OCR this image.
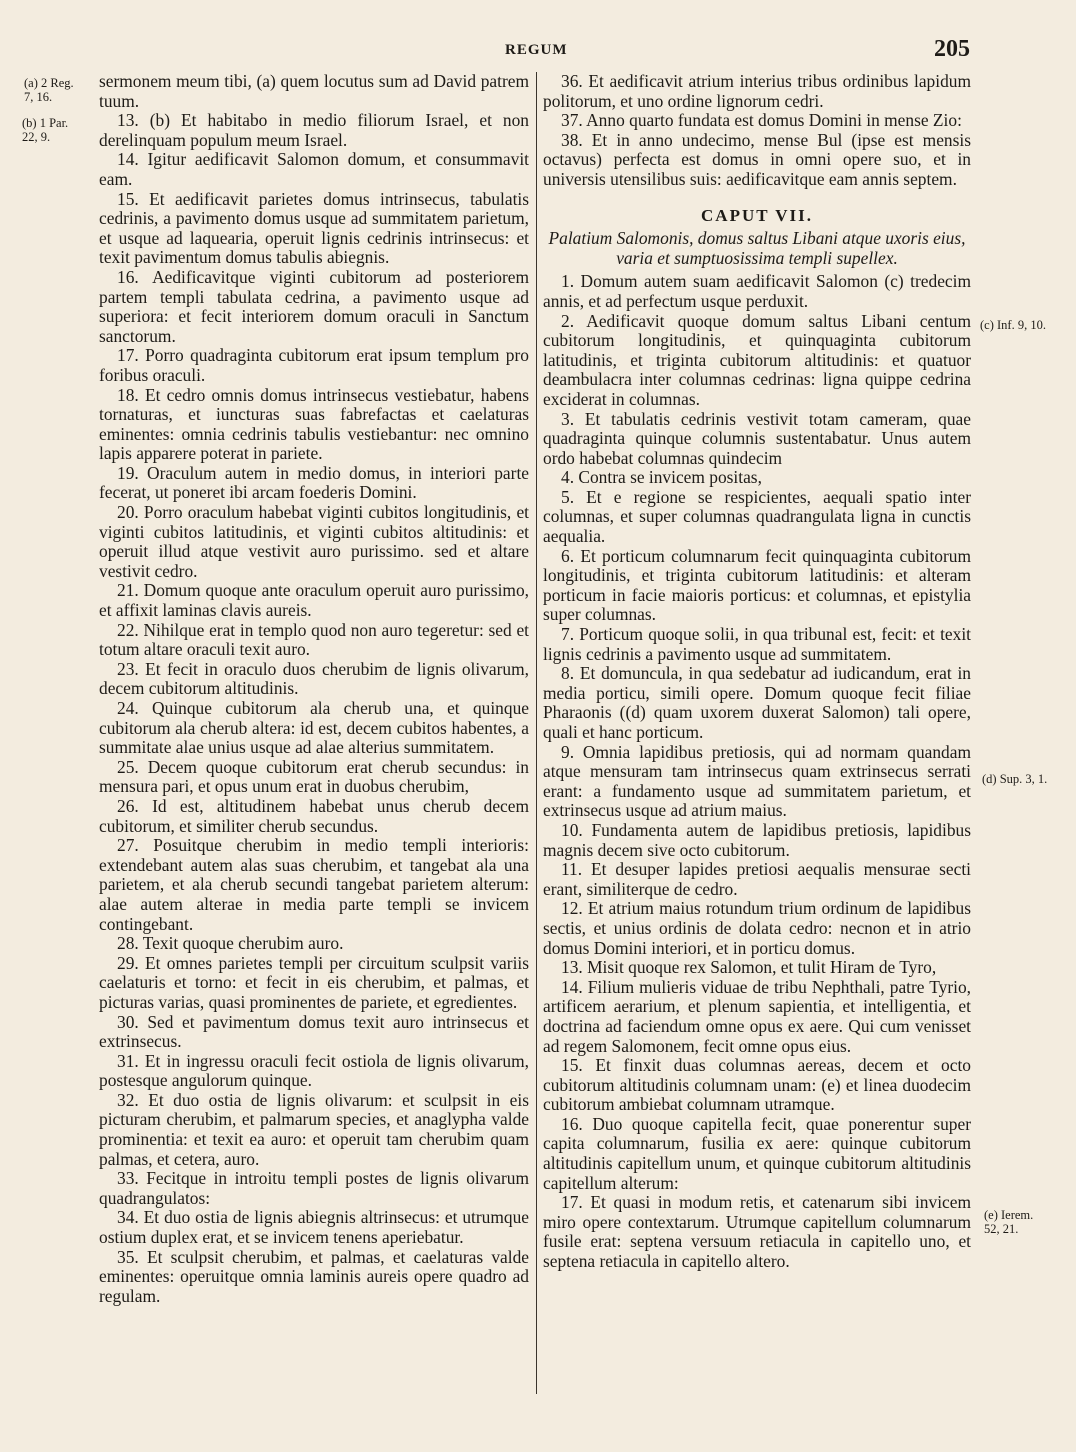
REGUM	205
(a) 2 Reg.
7, 16.
(b) 1 Par.
22, 9.
(c) Inf. 9, 10.
(d) Sup. 3, 1.
(e) Ierem.
52, 21.

sermonem meum tibi, (a) quem locutus sum ad David patrem tuum.

13. (b) Et habitabo in medio filiorum Israel, et non derelinquam populum meum Israel.

14. Igitur aedificavit Salomon domum, et consummavit eam.

15. Et aedificavit parietes domus intrinsecus, tabulatis cedrinis, a pavimento domus usque ad summitatem parietum, et usque ad laquearia, operuit lignis cedrinis intrinsecus: et texit pavimentum domus tabulis abiegnis.

16. Aedificavitque viginti cubitorum ad posteriorem partem templi tabulata cedrina, a pavimento usque ad superiora: et fecit interiorem domum oraculi in Sanctum sanctorum.

17. Porro quadraginta cubitorum erat ipsum templum pro foribus oraculi.

18. Et cedro omnis domus intrinsecus vestiebatur, habens tornaturas, et iuncturas suas fabrefactas et caelaturas eminentes: omnia cedrinis tabulis vestiebantur: nec omnino lapis apparere poterat in pariete.

19. Oraculum autem in medio domus, in interiori parte fecerat, ut poneret ibi arcam foederis Domini.

20. Porro oraculum habebat viginti cubitos longitudinis, et viginti cubitos latitudinis, et viginti cubitos altitudinis: et operuit illud atque vestivit auro purissimo. sed et altare vestivit cedro.

21. Domum quoque ante oraculum operuit auro purissimo, et affixit laminas clavis aureis.

22. Nihilque erat in templo quod non auro tegeretur: sed et totum altare oraculi texit auro.

23. Et fecit in oraculo duos cherubim de lignis olivarum, decem cubitorum altitudinis.

24. Quinque cubitorum ala cherub una, et quinque cubitorum ala cherub altera: id est, decem cubitos habentes, a summitate alae unius usque ad alae alterius summitatem.

25. Decem quoque cubitorum erat cherub secundus: in mensura pari, et opus unum erat in duobus cherubim,

26. Id est, altitudinem habebat unus cherub decem cubitorum, et similiter cherub secundus.

27. Posuitque cherubim in medio templi interioris: extendebant autem alas suas cherubim, et tangebat ala una parietem, et ala cherub secundi tangebat parietem alterum: alae autem alterae in media parte templi se invicem contingebant.

28. Texit quoque cherubim auro.

29. Et omnes parietes templi per circuitum sculpsit variis caelaturis et torno: et fecit in eis cherubim, et palmas, et picturas varias, quasi prominentes de pariete, et egredientes.

30. Sed et pavimentum domus texit auro intrinsecus et extrinsecus.

31. Et in ingressu oraculi fecit ostiola de lignis olivarum, postesque angulorum quinque.

32. Et duo ostia de lignis olivarum: et sculpsit in eis picturam cherubim, et palmarum species, et anaglypha valde prominentia: et texit ea auro: et operuit tam cherubim quam palmas, et cetera, auro.

33. Fecitque in introitu templi postes de lignis olivarum quadrangulatos:

34. Et duo ostia de lignis abiegnis altrinsecus: et utrumque ostium duplex erat, et se invicem tenens aperiebatur.

35. Et sculpsit cherubim, et palmas, et caelaturas valde eminentes: operuitque omnia laminis aureis opere quadro ad regulam.

36. Et aedificavit atrium interius tribus ordinibus lapidum politorum, et uno ordine lignorum cedri.

37. Anno quarto fundata est domus Domini in mense Zio:

38. Et in anno undecimo, mense Bul (ipse est mensis octavus) perfecta est domus in omni opere suo, et in universis utensilibus suis: aedificavitque eam annis septem.

CAPUT VII.

Palatium Salomonis, domus saltus Libani atque uxoris eius, varia et sumptuosissima templi supellex.

1. Domum autem suam aedificavit Salomon (c) tredecim annis, et ad perfectum usque perduxit.

2. Aedificavit quoque domum saltus Libani centum cubitorum longitudinis, et quinquaginta cubitorum latitudinis, et triginta cubitorum altitudinis: et quatuor deambulacra inter columnas cedrinas: ligna quippe cedrina exciderat in columnas.

3. Et tabulatis cedrinis vestivit totam cameram, quae quadraginta quinque columnis sustentabatur. Unus autem ordo habebat columnas quindecim

4. Contra se invicem positas,

5. Et e regione se respicientes, aequali spatio inter columnas, et super columnas quadrangulata ligna in cunctis aequalia.

6. Et porticum columnarum fecit quinquaginta cubitorum longitudinis, et triginta cubitorum latitudinis: et alteram porticum in facie maioris porticus: et columnas, et epistylia super columnas.

7. Porticum quoque solii, in qua tribunal est, fecit: et texit lignis cedrinis a pavimento usque ad summitatem.

8. Et domuncula, in qua sedebatur ad iudicandum, erat in media porticu, simili opere. Domum quoque fecit filiae Pharaonis ((d) quam uxorem duxerat Salomon) tali opere, quali et hanc porticum.

9. Omnia lapidibus pretiosis, qui ad normam quandam atque mensuram tam intrinsecus quam extrinsecus serrati erant: a fundamento usque ad summitatem parietum, et extrinsecus usque ad atrium maius.

10. Fundamenta autem de lapidibus pretiosis, lapidibus magnis decem sive octo cubitorum.

11. Et desuper lapides pretiosi aequalis mensurae secti erant, similiterque de cedro.

12. Et atrium maius rotundum trium ordinum de lapidibus sectis, et unius ordinis de dolata cedro: necnon et in atrio domus Domini interiori, et in porticu domus.

13. Misit quoque rex Salomon, et tulit Hiram de Tyro,

14. Filium mulieris viduae de tribu Nephthali, patre Tyrio, artificem aerarium, et plenum sapientia, et intelligentia, et doctrina ad faciendum omne opus ex aere. Qui cum venisset ad regem Salomonem, fecit omne opus eius.

15. Et finxit duas columnas aereas, decem et octo cubitorum altitudinis columnam unam: (e) et linea duodecim cubitorum ambiebat columnam utramque.

16. Duo quoque capitella fecit, quae ponerentur super capita columnarum, fusilia ex aere: quinque cubitorum altitudinis capitellum unum, et quinque cubitorum altitudinis capitellum alterum:

17. Et quasi in modum retis, et catenarum sibi invicem miro opere contextarum. Utrumque capitellum columnarum fusile erat: septena versuum retiacula in capitello uno, et septena retiacula in capitello altero.
